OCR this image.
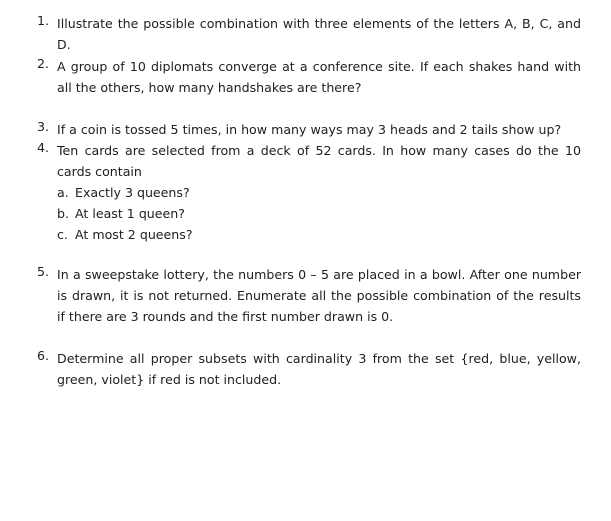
1. Illustrate the possible combination with three elements of the letters A, B, C, and D.
2. A group of 10 diplomats converge at a conference site. If each shakes hand with all the others, how many handshakes are there?
3. If a coin is tossed 5 times, in how many ways may 3 heads and 2 tails show up?
4. Ten cards are selected from a deck of 52 cards. In how many cases do the 10 cards contain
a. Exactly 3 queens?
b. At least 1 queen?
c. At most 2 queens?
5. In a sweepstake lottery, the numbers 0 – 5 are placed in a bowl. After one number is drawn, it is not returned. Enumerate all the possible combination of the results if there are 3 rounds and the first number drawn is 0.
6. Determine all proper subsets with cardinality 3 from the set {red, blue, yellow, green, violet} if red is not included.
